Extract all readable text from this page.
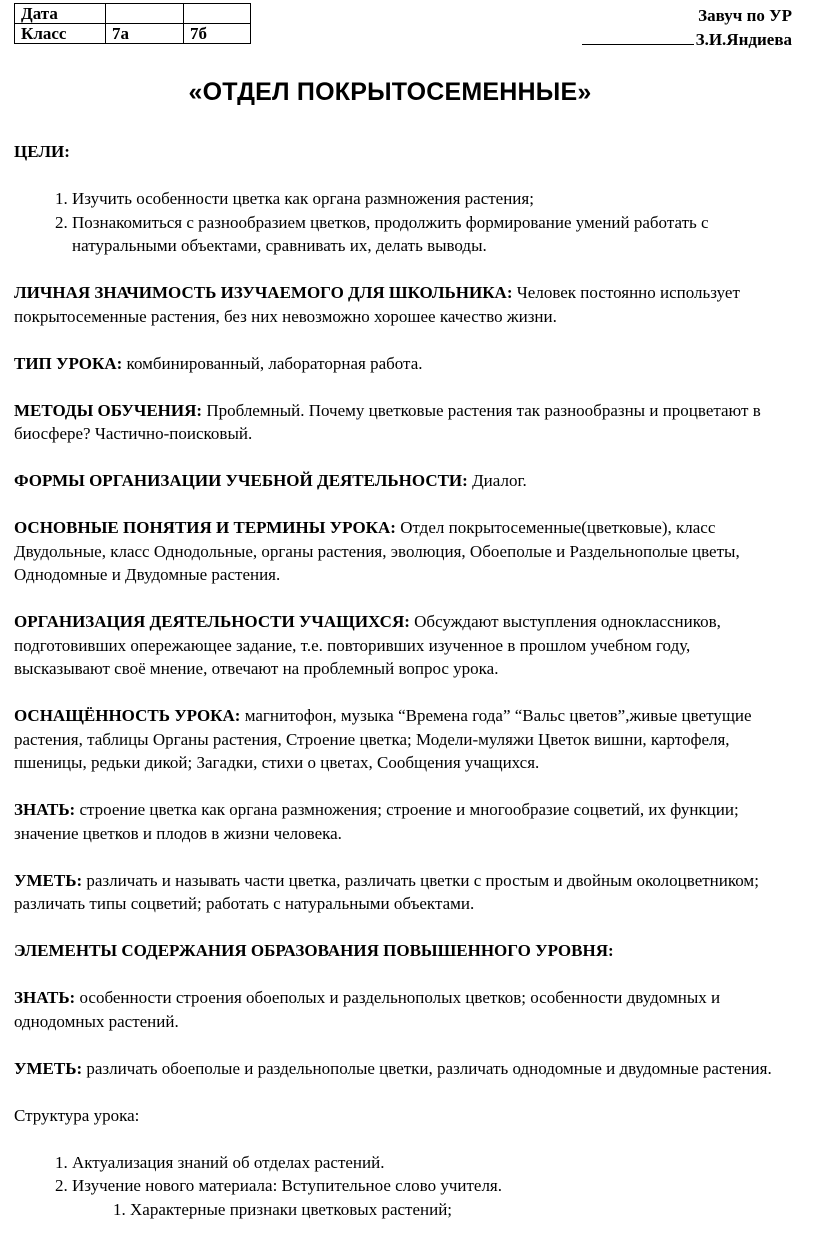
Дата		
Класс	7а	7б
Завуч по УР
З.И.Яндиева
«ОТДЕЛ ПОКРЫТОСЕМЕННЫЕ»

ЦЕЛИ:

1. Изучить особенности цветка как органа размножения растения;
2. Познакомиться с разнообразием цветков, продолжить формирование умений работать с натуральными объектами, сравнивать их, делать выводы.

ЛИЧНАЯ ЗНАЧИМОСТЬ ИЗУЧАЕМОГО ДЛЯ ШКОЛЬНИКА: Человек постоянно использует покрытосеменные растения, без них невозможно хорошее качество жизни.

ТИП УРОКА: комбинированный, лабораторная работа.

МЕТОДЫ ОБУЧЕНИЯ: Проблемный. Почему цветковые растения так разнообразны и процветают в биосфере? Частично-поисковый.

ФОРМЫ ОРГАНИЗАЦИИ УЧЕБНОЙ ДЕЯТЕЛЬНОСТИ: Диалог.

ОСНОВНЫЕ ПОНЯТИЯ И ТЕРМИНЫ УРОКА: Отдел покрытосеменные(цветковые), класс Двудольные, класс Однодольные, органы растения, эволюция, Обоеполые и Раздельнополые цветы, Однодомные и Двудомные растения.

ОРГАНИЗАЦИЯ ДЕЯТЕЛЬНОСТИ УЧАЩИХСЯ: Обсуждают выступления одноклассников, подготовивших опережающее задание, т.е. повторивших изученное в прошлом учебном году, высказывают своё мнение, отвечают на проблемный вопрос урока.

ОСНАЩЁННОСТЬ УРОКА: магнитофон, музыка “Времена года” “Вальс цветов”,живые цветущие растения, таблицы Органы растения, Строение цветка; Модели-муляжи Цветок вишни, картофеля, пшеницы, редьки дикой; Загадки, стихи о цветах, Сообщения учащихся.

ЗНАТЬ: строение цветка как органа размножения; строение и многообразие соцветий, их функции; значение цветков и плодов в жизни человека.

УМЕТЬ: различать и называть части цветка, различать цветки с простым и двойным околоцветником; различать типы соцветий; работать с натуральными объектами.

ЭЛЕМЕНТЫ СОДЕРЖАНИЯ ОБРАЗОВАНИЯ ПОВЫШЕННОГО УРОВНЯ:

ЗНАТЬ: особенности строения обоеполых и раздельнополых цветков; особенности двудомных и однодомных растений.

УМЕТЬ: различать обоеполые и раздельнополые цветки, различать однодомные и двудомные растения.

Структура урока:

1. Актуализация знаний об отделах растений.
2. Изучение нового материала: Вступительное слово учителя.
1. Характерные признаки цветковых растений;
